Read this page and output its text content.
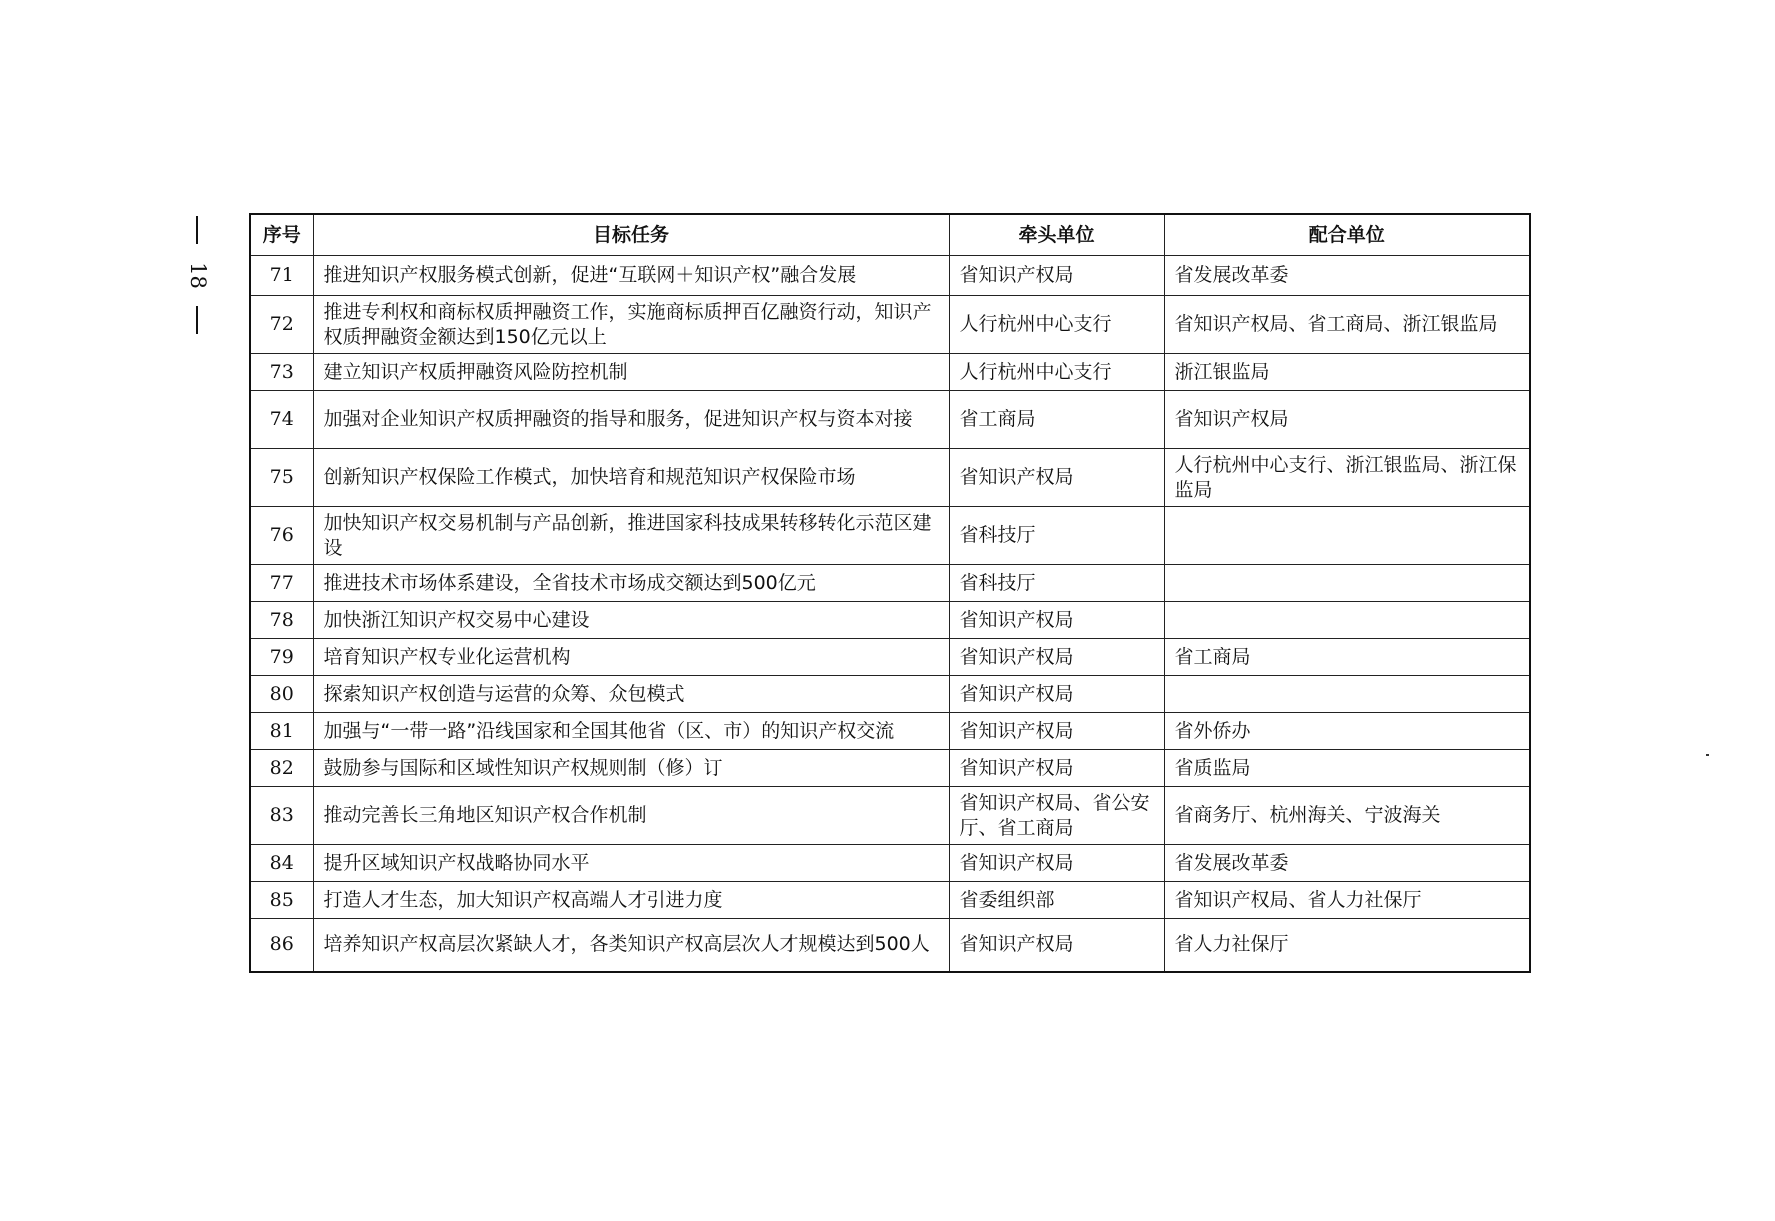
18
序号	目标任务	牵头单位	配合单位
71	推进知识产权服务模式创新，促进“互联网＋知识产权”融合发展	省知识产权局	省发展改革委
72	推进专利权和商标权质押融资工作，实施商标质押百亿融资行动，知识产权质押融资金额达到150亿元以上	人行杭州中心支行	省知识产权局、省工商局、浙江银监局
73	建立知识产权质押融资风险防控机制	人行杭州中心支行	浙江银监局
74	加强对企业知识产权质押融资的指导和服务，促进知识产权与资本对接	省工商局	省知识产权局
75	创新知识产权保险工作模式，加快培育和规范知识产权保险市场	省知识产权局	人行杭州中心支行、浙江银监局、浙江保监局
76	加快知识产权交易机制与产品创新，推进国家科技成果转移转化示范区建设	省科技厅	
77	推进技术市场体系建设，全省技术市场成交额达到500亿元	省科技厅	
78	加快浙江知识产权交易中心建设	省知识产权局	
79	培育知识产权专业化运营机构	省知识产权局	省工商局
80	探索知识产权创造与运营的众筹、众包模式	省知识产权局	
81	加强与“一带一路”沿线国家和全国其他省（区、市）的知识产权交流	省知识产权局	省外侨办
82	鼓励参与国际和区域性知识产权规则制（修）订	省知识产权局	省质监局
83	推动完善长三角地区知识产权合作机制	省知识产权局、省公安厅、省工商局	省商务厅、杭州海关、宁波海关
84	提升区域知识产权战略协同水平	省知识产权局	省发展改革委
85	打造人才生态，加大知识产权高端人才引进力度	省委组织部	省知识产权局、省人力社保厅
86	培养知识产权高层次紧缺人才，各类知识产权高层次人才规模达到500人	省知识产权局	省人力社保厅
